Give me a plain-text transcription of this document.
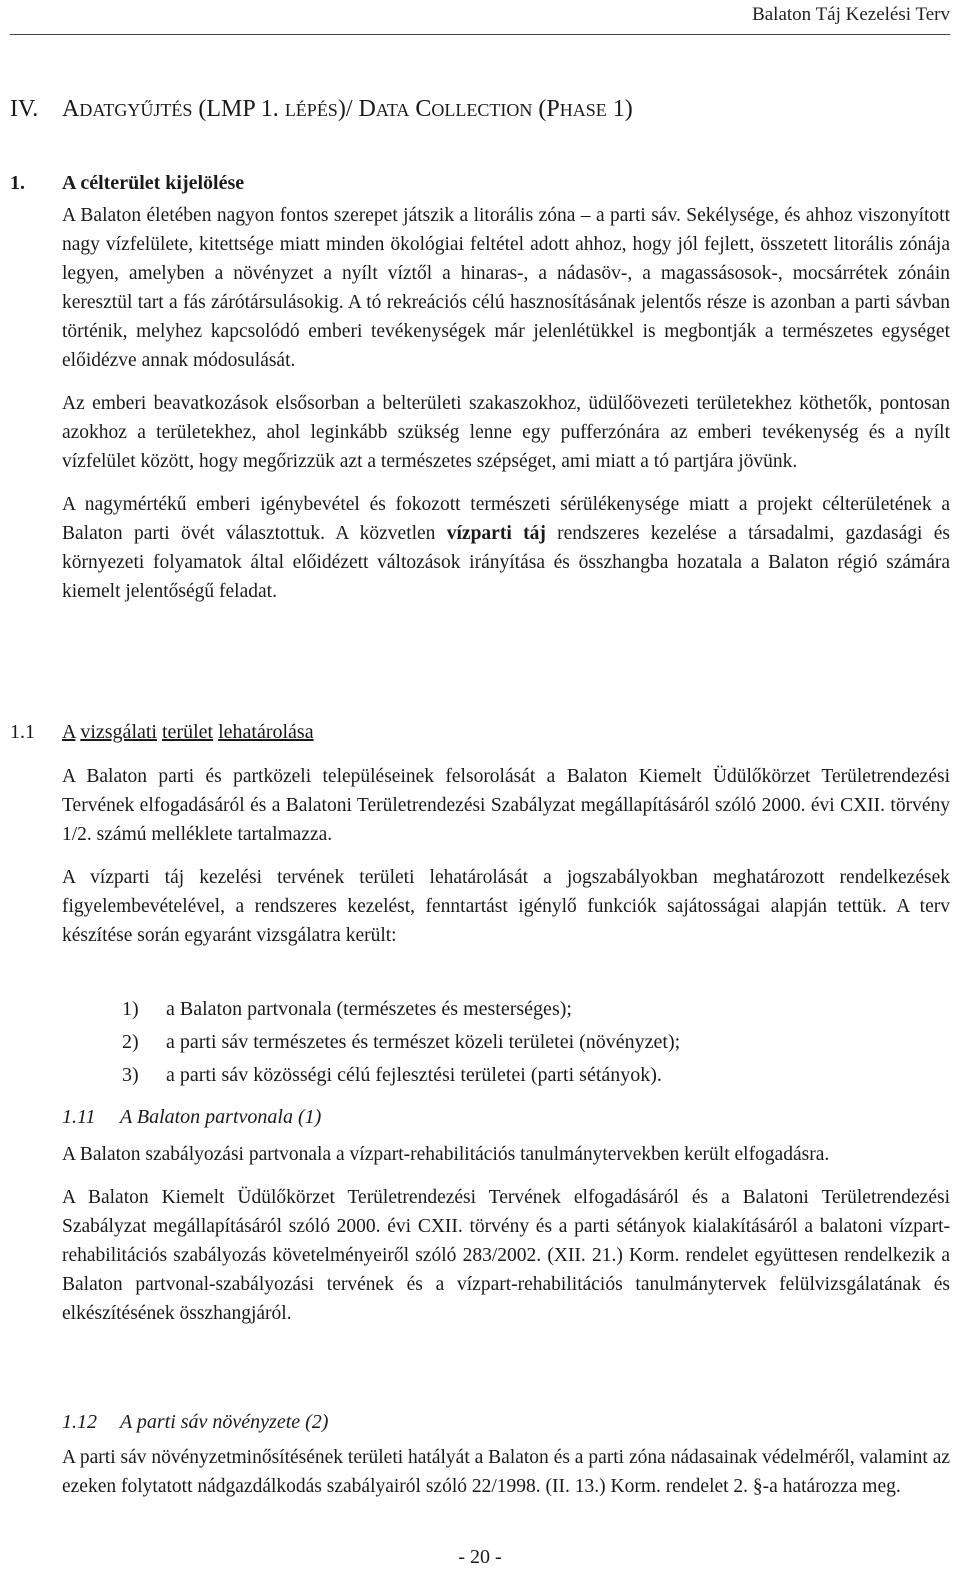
Balaton Táj Kezelési Terv
IV. ADATGYŰJTÉS (LMP 1. LÉPÉS)/ DATA COLLECTION (PHASE 1)
1. A célterület kijelölése

A Balaton életében nagyon fontos szerepet játszik a litorális zóna – a parti sáv. Sekélysége, és ahhoz viszonyított nagy vízfelülete, kitettsége miatt minden ökológiai feltétel adott ahhoz, hogy jól fejlett, összetett litorális zónája legyen, amelyben a növényzet a nyílt víztől a hinaras-, a nádasöv-, a magassásosok-, mocsárrétek zónáin keresztül tart a fás zárótársulásokig. A tó rekreációs célú hasznosításának jelentős része is azonban a parti sávban történik, melyhez kapcsolódó emberi tevékenységek már jelenlétükkel is megbontják a természetes egységet előidézve annak módosulását.

Az emberi beavatkozások elsősorban a belterületi szakaszokhoz, üdülőövezeti területekhez köthetők, pontosan azokhoz a területekhez, ahol leginkább szükség lenne egy pufferzónára az emberi tevékenység és a nyílt vízfelület között, hogy megőrizzük azt a természetes szépséget, ami miatt a tó partjára jövünk.

A nagymértékű emberi igénybevétel és fokozott természeti sérülékenysége miatt a projekt célterületének a Balaton parti övét választottuk. A közvetlen vízparti táj rendszeres kezelése a társadalmi, gazdasági és környezeti folyamatok által előidézett változások irányítása és összhangba hozatala a Balaton régió számára kiemelt jelentőségű feladat.

1.1 A vizsgálati terület lehatárolása

A Balaton parti és partközeli településeinek felsorolását a Balaton Kiemelt Üdülőkörzet Területrendezési Tervének elfogadásáról és a Balatoni Területrendezési Szabályzat megállapításáról szóló 2000. évi CXII. törvény 1/2. számú melléklete tartalmazza.

A vízparti táj kezelési tervének területi lehatárolását a jogszabályokban meghatározott rendelkezések figyelembevételével, a rendszeres kezelést, fenntartást igénylő funkciók sajátosságai alapján tettük. A terv készítése során egyaránt vizsgálatra került:

1) a Balaton partvonala (természetes és mesterséges);
2) a parti sáv természetes és természet közeli területei (növényzet);
3) a parti sáv közösségi célú fejlesztési területei (parti sétányok).
1.11 A Balaton partvonala (1)

A Balaton szabályozási partvonala a vízpart-rehabilitációs tanulmánytervekben került elfogadásra.

A Balaton Kiemelt Üdülőkörzet Területrendezési Tervének elfogadásáról és a Balatoni Területrendezési Szabályzat megállapításáról szóló 2000. évi CXII. törvény és a parti sétányok kialakításáról a balatoni vízpart-rehabilitációs szabályozás követelményeiről szóló 283/2002. (XII. 21.) Korm. rendelet együttesen rendelkezik a Balaton partvonal-szabályozási tervének és a vízpart-rehabilitációs tanulmánytervek felülvizsgálatának és elkészítésének összhangjáról.

1.12 A parti sáv növényzete (2)

A parti sáv növényzetminősítésének területi hatályát a Balaton és a parti zóna nádasainak védelméről, valamint az ezeken folytatott nádgazdálkodás szabályairól szóló 22/1998. (II. 13.) Korm. rendelet 2. §-a határozza meg.

- 20 -
